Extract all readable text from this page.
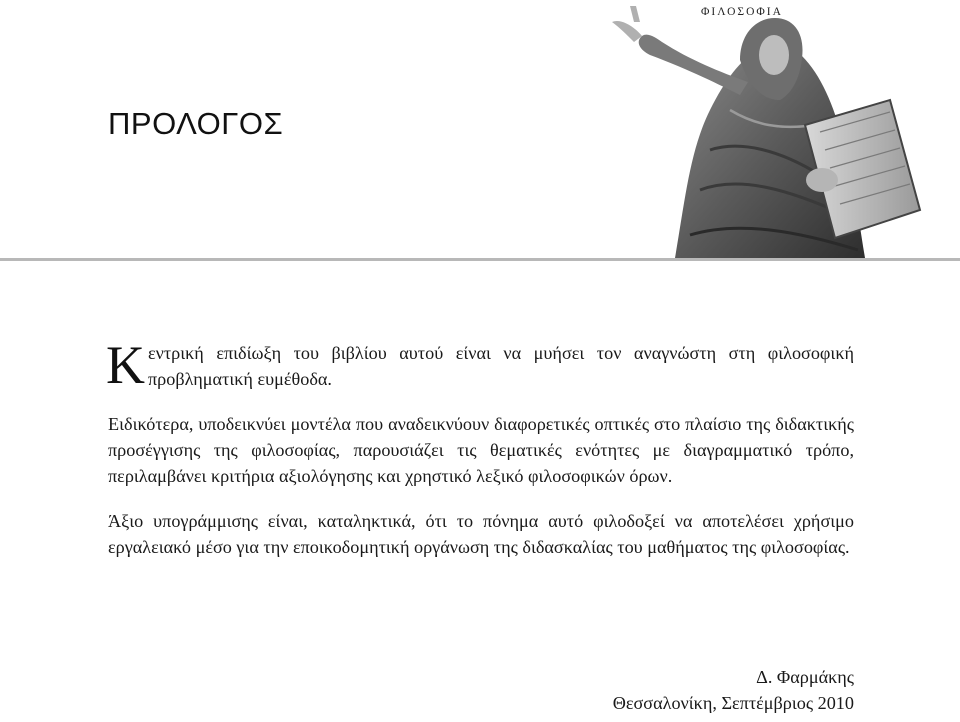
ΠΡΟΛΟΓΟΣ
ΦΙΛΟΣΟΦΙΑ

Κ εντρική επιδίωξη του βιβλίου αυτού είναι να μυήσει τον αναγνώστη στη φιλοσοφική προβληματική ευμέθοδα.

Ειδικότερα, υποδεικνύει μοντέλα που αναδεικνύουν διαφορετικές οπτικές στο πλαίσιο της διδακτικής προσέγγισης της φιλοσοφίας, παρουσιάζει τις θεματικές ενότητες με διαγραμματικό τρόπο, περιλαμβάνει κριτήρια αξιολόγησης και χρηστικό λεξικό φιλοσοφικών όρων.

Άξιο υπογράμμισης είναι, καταληκτικά, ότι το πόνημα αυτό φιλοδοξεί να αποτελέσει χρήσιμο εργαλειακό μέσο για την εποικοδομητική οργάνωση της διδασκαλίας του μαθήματος της φιλοσοφίας.

Δ. Φαρμάκης
Θεσσαλονίκη, Σεπτέμβριος 2010
